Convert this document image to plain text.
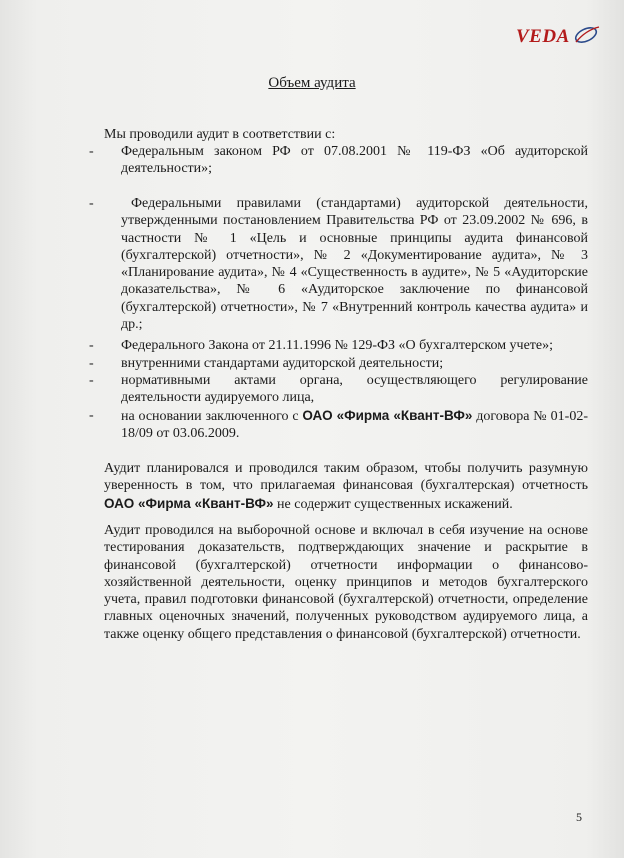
VEDA
Объем аудита
Мы проводили аудит в соответствии с:
- Федеральным законом РФ от 07.08.2001 № 119-ФЗ «Об аудиторской деятельности»;
-	Федеральными правилами (стандартами) аудиторской деятельности, утвержденными постановлением Правительства РФ от 23.09.2002 № 696, в частности № 1 «Цель и основные принципы аудита финансовой (бухгалтерской) отчетности», № 2 «Документирование аудита», № 3 «Планирование аудита», № 4 «Существенность в аудите», № 5 «Аудиторские доказательства», № 6 «Аудиторское заключение по финансовой (бухгалтерской) отчетности», № 7 «Внутренний контроль качества аудита» и др.;
- Федерального Закона от 21.11.1996 № 129-ФЗ «О бухгалтерском учете»;
- внутренними стандартами аудиторской деятельности;
- нормативными актами органа, осуществляющего регулирование деятельности аудируемого лица,
- на основании заключенного с ОАО «Фирма «Квант-ВФ» договора № 01-02-18/09 от 03.06.2009.
Аудит планировался и проводился таким образом, чтобы получить разумную уверенность в том, что прилагаемая финансовая (бухгалтерская) отчетность ОАО «Фирма «Квант-ВФ» не содержит существенных искажений.
Аудит проводился на выборочной основе и включал в себя изучение на основе тестирования доказательств, подтверждающих значение и раскрытие в финансовой (бухгалтерской) отчетности информации о финансово-хозяйственной деятельности, оценку принципов и методов бухгалтерского учета, правил подготовки финансовой (бухгалтерской) отчетности, определение главных оценочных значений, полученных руководством аудируемого лица, а также оценку общего представления о финансовой (бухгалтерской) отчетности.
5
